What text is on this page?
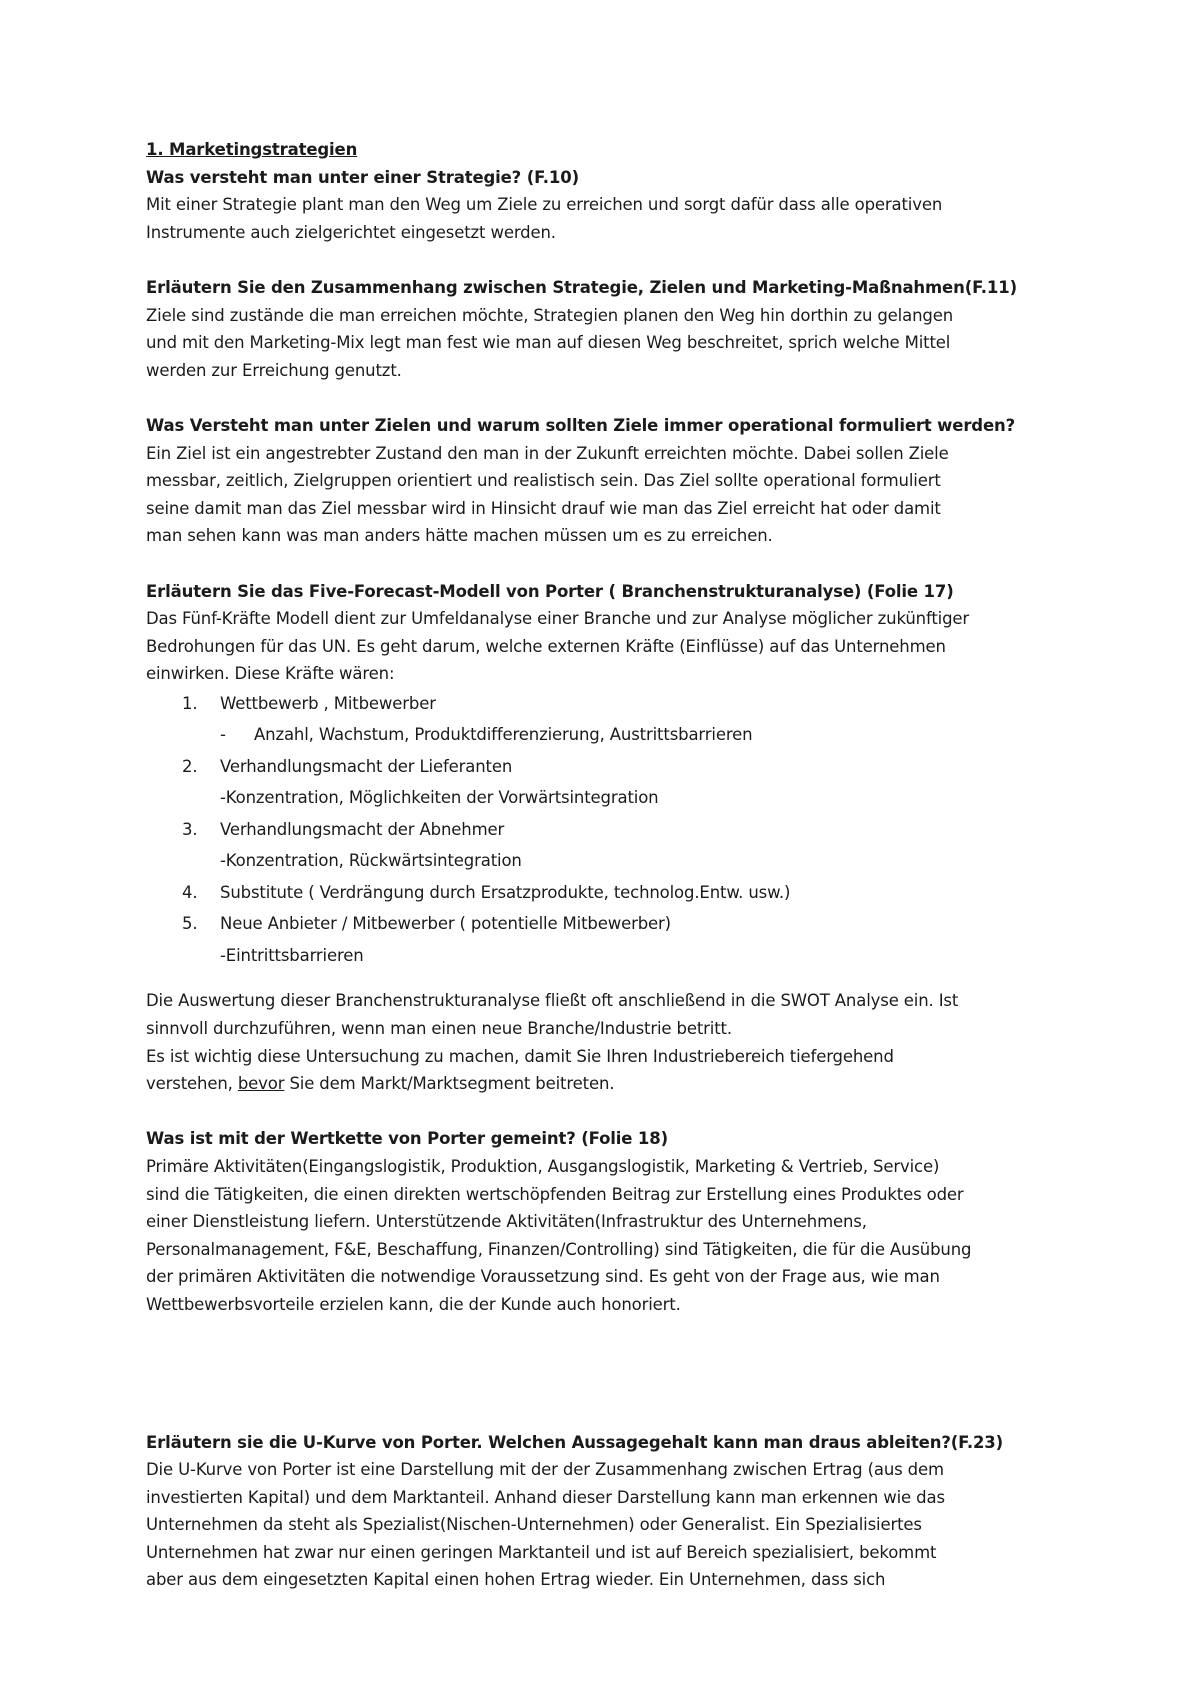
1. Marketingstrategien

Was versteht man unter einer Strategie? (F.10)

Mit einer Strategie plant man den Weg um Ziele zu erreichen und sorgt dafür dass alle operativen

Instrumente auch zielgerichtet eingesetzt werden.

Erläutern Sie den Zusammenhang zwischen Strategie, Zielen und Marketing-Maßnahmen(F.11)

Ziele sind zustände die man erreichen möchte, Strategien planen den Weg hin dorthin zu gelangen

und mit den Marketing-Mix legt man fest wie man auf diesen Weg beschreitet, sprich welche Mittel

werden zur Erreichung genutzt.

Was Versteht man unter Zielen und warum sollten Ziele immer operational formuliert werden?

Ein Ziel ist ein angestrebter Zustand den man in der Zukunft erreichten möchte. Dabei sollen Ziele

messbar, zeitlich, Zielgruppen orientiert und realistisch sein. Das Ziel sollte operational formuliert

seine damit man das Ziel messbar wird in Hinsicht drauf wie man das Ziel erreicht hat oder damit

man sehen kann was man anders hätte machen müssen um es zu erreichen.

Erläutern Sie das Five-Forecast-Modell von Porter ( Branchenstrukturanalyse) (Folie 17)

Das Fünf-Kräfte Modell dient zur Umfeldanalyse einer Branche und zur Analyse möglicher zukünftiger

Bedrohungen für das UN. Es geht darum, welche externen Kräfte (Einflüsse) auf das Unternehmen

einwirken. Diese Kräfte wären:

1.	Wettbewerb , Mitbewerber
-	Anzahl, Wachstum, Produktdifferenzierung, Austrittsbarrieren
2.	Verhandlungsmacht der Lieferanten
-Konzentration, Möglichkeiten der Vorwärtsintegration
3.	Verhandlungsmacht der Abnehmer
-Konzentration, Rückwärtsintegration
4.	Substitute ( Verdrängung durch Ersatzprodukte, technolog.Entw. usw.)
5.	Neue Anbieter / Mitbewerber ( potentielle Mitbewerber)
-Eintrittsbarrieren

Die Auswertung dieser Branchenstrukturanalyse fließt oft anschließend in die SWOT Analyse ein. Ist

sinnvoll durchzuführen, wenn man einen neue Branche/Industrie betritt.

Es ist wichtig diese Untersuchung zu machen, damit Sie Ihren Industriebereich tiefergehend

verstehen, bevor Sie dem Markt/Marktsegment beitreten.

Was ist mit der Wertkette von Porter gemeint? (Folie 18)

Primäre Aktivitäten(Eingangslogistik, Produktion, Ausgangslogistik, Marketing & Vertrieb, Service)

sind die Tätigkeiten, die einen direkten wertschöpfenden Beitrag zur Erstellung eines Produktes oder

einer Dienstleistung liefern. Unterstützende Aktivitäten(Infrastruktur des Unternehmens,

Personalmanagement, F&E, Beschaffung, Finanzen/Controlling) sind Tätigkeiten, die für die Ausübung

der primären Aktivitäten die notwendige Voraussetzung sind. Es geht von der Frage aus, wie man

Wettbewerbsvorteile erzielen kann, die der Kunde auch honoriert.

Erläutern sie die U-Kurve von Porter. Welchen Aussagegehalt kann man draus ableiten?(F.23)

Die U-Kurve von Porter ist eine Darstellung mit der der Zusammenhang zwischen Ertrag (aus dem

investierten Kapital) und dem Marktanteil. Anhand dieser Darstellung kann man erkennen wie das

Unternehmen da steht als Spezialist(Nischen-Unternehmen) oder Generalist. Ein Spezialisiertes

Unternehmen hat zwar nur einen geringen Marktanteil und ist auf Bereich spezialisiert, bekommt

aber aus dem eingesetzten Kapital einen hohen Ertrag wieder. Ein Unternehmen, dass sich
